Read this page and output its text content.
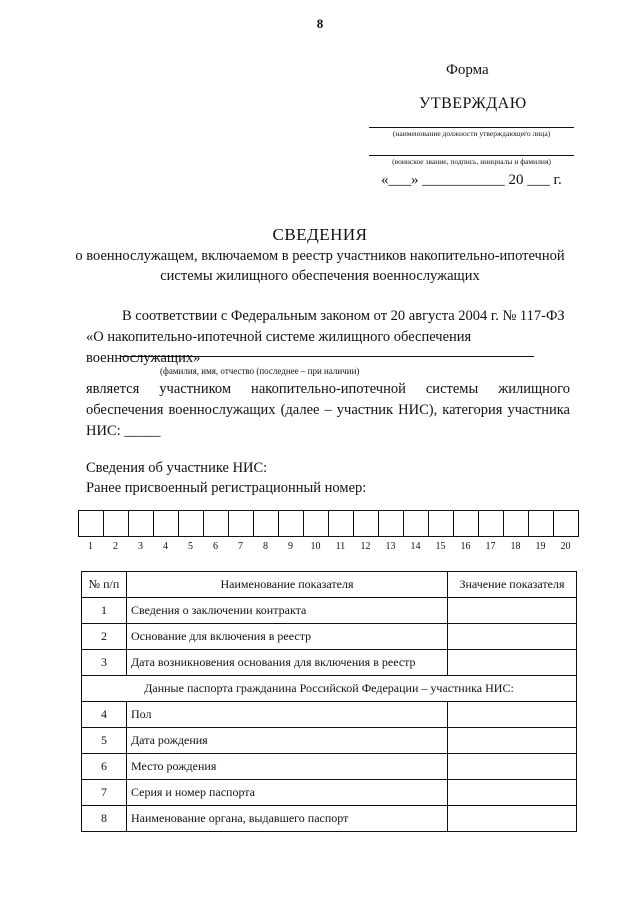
8
Форма
УТВЕРЖДАЮ
(наименование должности утверждающего лица)
(воинское звание, подпись, инициалы и фамилия)
«___» ___________ 20 ___ г.
СВЕДЕНИЯ
о военнослужащем, включаемом в реестр участников накопительно-ипотечной системы жилищного обеспечения военнослужащих
В соответствии с Федеральным законом от 20 августа 2004 г. № 117-ФЗ «О накопительно-ипотечной системе жилищного обеспечения военнослужащих»
(фамилия, имя, отчество (последнее – при наличии)
является участником накопительно-ипотечной системы жилищного обеспечения военнослужащих (далее – участник НИС), категория участника НИС: _____
Сведения об участнике НИС:
Ранее присвоенный регистрационный номер:
1	2	3	4	5	6	7	8	9	10	11	12	13	14	15	16	17	18	19	20
№ п/п	Наименование показателя	Значение показателя
1	Сведения о заключении контракта	
2	Основание для включения в реестр	
3	Дата возникновения основания для включения в реестр	
Данные паспорта гражданина Российской Федерации – участника НИС:		
4	Пол	
5	Дата рождения	
6	Место рождения	
7	Серия и номер паспорта	
8	Наименование органа, выдавшего паспорт	
